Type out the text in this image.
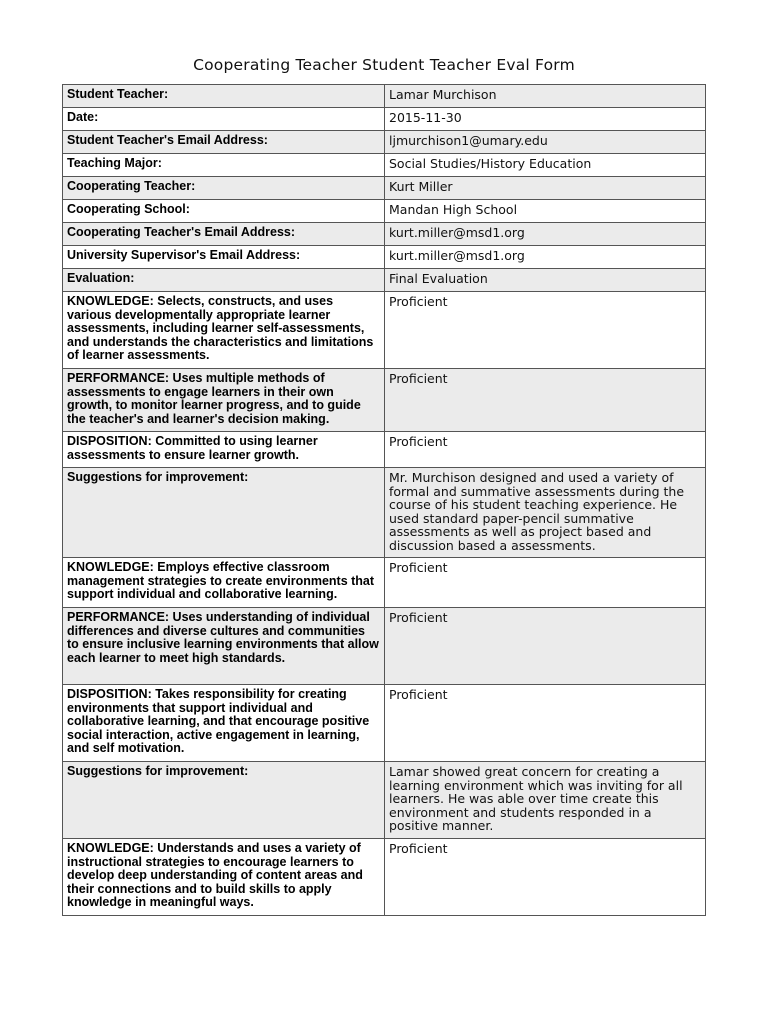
Cooperating Teacher Student Teacher Eval Form
Student Teacher:	Lamar Murchison
Date:	2015-11-30
Student Teacher's Email Address:	ljmurchison1@umary.edu
Teaching Major:	Social Studies/History Education
Cooperating Teacher:	Kurt Miller
Cooperating School:	Mandan High School
Cooperating Teacher's Email Address:	kurt.miller@msd1.org
University Supervisor's Email Address:	kurt.miller@msd1.org
Evaluation:	Final Evaluation
KNOWLEDGE: Selects, constructs, and uses various developmentally appropriate learner assessments, including learner self-assessments, and understands the characteristics and limitations of learner assessments.	Proficient
PERFORMANCE: Uses multiple methods of assessments to engage learners in their own growth, to monitor learner progress, and to guide the teacher's and learner's decision making.	Proficient
DISPOSITION: Committed to using learner assessments to ensure learner growth.	Proficient
Suggestions for improvement:	Mr. Murchison designed and used a variety of formal and summative assessments during the course of his student teaching experience. He used standard paper-pencil summative assessments as well as project based and discussion based a assessments.
KNOWLEDGE: Employs effective classroom management strategies to create environments that support individual and collaborative learning.	Proficient
PERFORMANCE: Uses understanding of individual differences and diverse cultures and communities to ensure inclusive learning environments that allow each learner to meet high standards.	Proficient
DISPOSITION: Takes responsibility for creating environments that support individual and collaborative learning, and that encourage positive social interaction, active engagement in learning, and self motivation.	Proficient
Suggestions for improvement:	Lamar showed great concern for creating a learning environment which was inviting for all learners. He was able over time create this environment and students responded in a positive manner.
KNOWLEDGE: Understands and uses a variety of instructional strategies to encourage learners to develop deep understanding of content areas and their connections and to build skills to apply knowledge in meaningful ways.	Proficient
